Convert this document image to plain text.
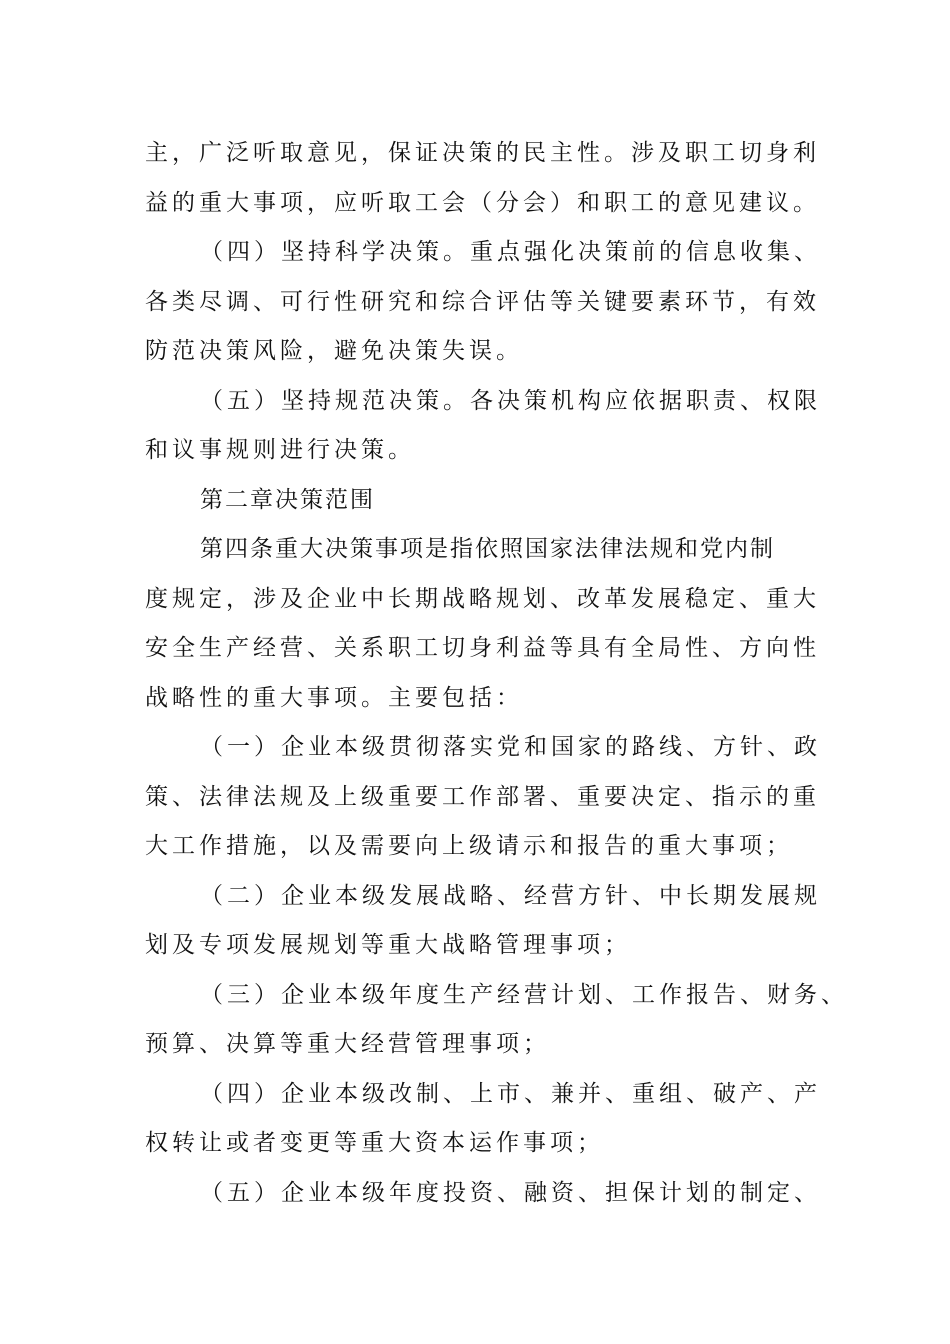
主，广泛听取意见，保证决策的民主性。涉及职工切身利
益的重大事项，应听取工会（分会）和职工的意见建议。
（四）坚持科学决策。重点强化决策前的信息收集、
各类尽调、可行性研究和综合评估等关键要素环节，有效
防范决策风险，避免决策失误。
（五）坚持规范决策。各决策机构应依据职责、权限
和议事规则进行决策。
第二章决策范围
第四条重大决策事项是指依照国家法律法规和党内制
度规定，涉及企业中长期战略规划、改革发展稳定、重大
安全生产经营、关系职工切身利益等具有全局性、方向性
战略性的重大事项。主要包括：
（一）企业本级贯彻落实党和国家的路线、方针、政
策、法律法规及上级重要工作部署、重要决定、指示的重
大工作措施，以及需要向上级请示和报告的重大事项；
（二）企业本级发展战略、经营方针、中长期发展规
划及专项发展规划等重大战略管理事项；
（三）企业本级年度生产经营计划、工作报告、财务、
预算、决算等重大经营管理事项；
（四）企业本级改制、上市、兼并、重组、破产、产
权转让或者变更等重大资本运作事项；
（五）企业本级年度投资、融资、担保计划的制定、
